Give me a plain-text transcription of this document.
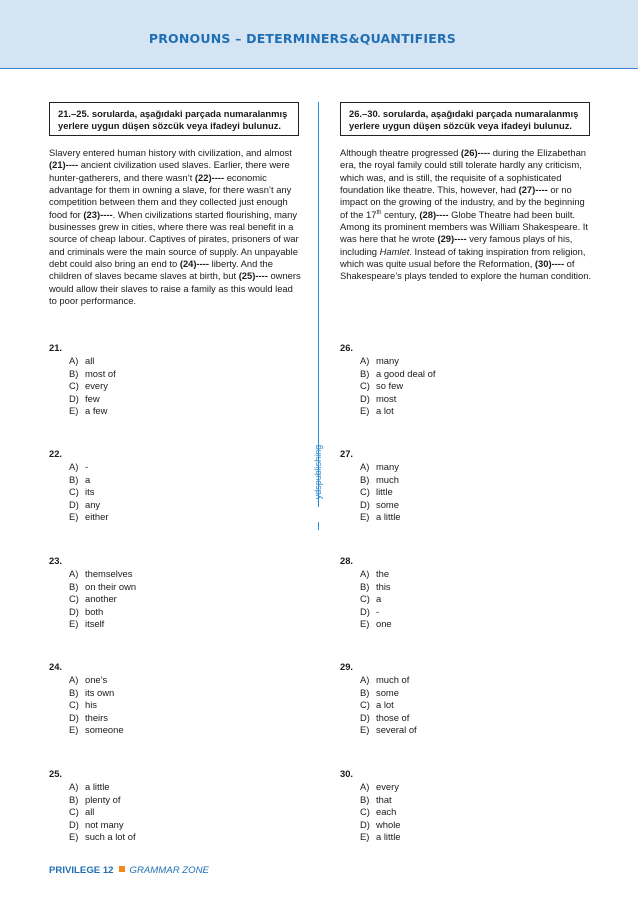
PRONOUNS – DETERMINERS&QUANTIFIERS
ydspublishing
21.–25. sorularda, aşağıdaki parçada numaralanmış yerlere uygun düşen sözcük veya ifadeyi bulunuz.
Slavery entered human history with civilization, and almost (21)---- ancient civilization used slaves. Earlier, there were hunter-gatherers, and there wasn’t (22)---- economic advantage for them in owning a slave, for there wasn’t any competition between them and they collected just enough food for (23)----. When civilizations started flourishing, many businesses grew in cities, where there was real benefit in a source of cheap labour. Captives of pirates, prisoners of war and criminals were the main source of supply. An unpayable debt could also bring an end to (24)---- liberty. And the children of slaves became slaves at birth, but (25)---- owners would allow their slaves to raise a family as this would lead to poor performance.
26.–30. sorularda, aşağıdaki parçada numaralanmış yerlere uygun düşen sözcük veya ifadeyi bulunuz.
Although theatre progressed (26)---- during the Elizabethan era, the royal family could still tolerate hardly any criticism, which was, and is still, the requisite of a sophisticated foundation like theatre. This, however, had (27)---- or no impact on the growing of the industry, and by the beginning of the 17th century, (28)---- Globe Theatre had been built. Among its prominent members was William Shakespeare. It was here that he wrote (29)---- very famous plays of his, including Hamlet. Instead of taking inspiration from religion, which was quite usual before the Reformation, (30)---- of Shakespeare’s plays tended to explore the human condition.
21.
A) all
B) most of
C) every
D) few
E) a few
22.
A) -
B) a
C) its
D) any
E) either
23.
A) themselves
B) on their own
C) another
D) both
E) itself
24.
A) one’s
B) its own
C) his
D) theirs
E) someone
25.
A) a little
B) plenty of
C) all
D) not many
E) such a lot of
26.
A) many
B) a good deal of
C) so few
D) most
E) a lot
27.
A) many
B) much
C) little
D) some
E) a little
28.
A) the
B) this
C) a
D) -
E) one
29.
A) much of
B) some
C) a lot
D) those of
E) several of
30.
A) every
B) that
C) each
D) whole
E) a little
PRIVILEGE 12 GRAMMAR ZONE
